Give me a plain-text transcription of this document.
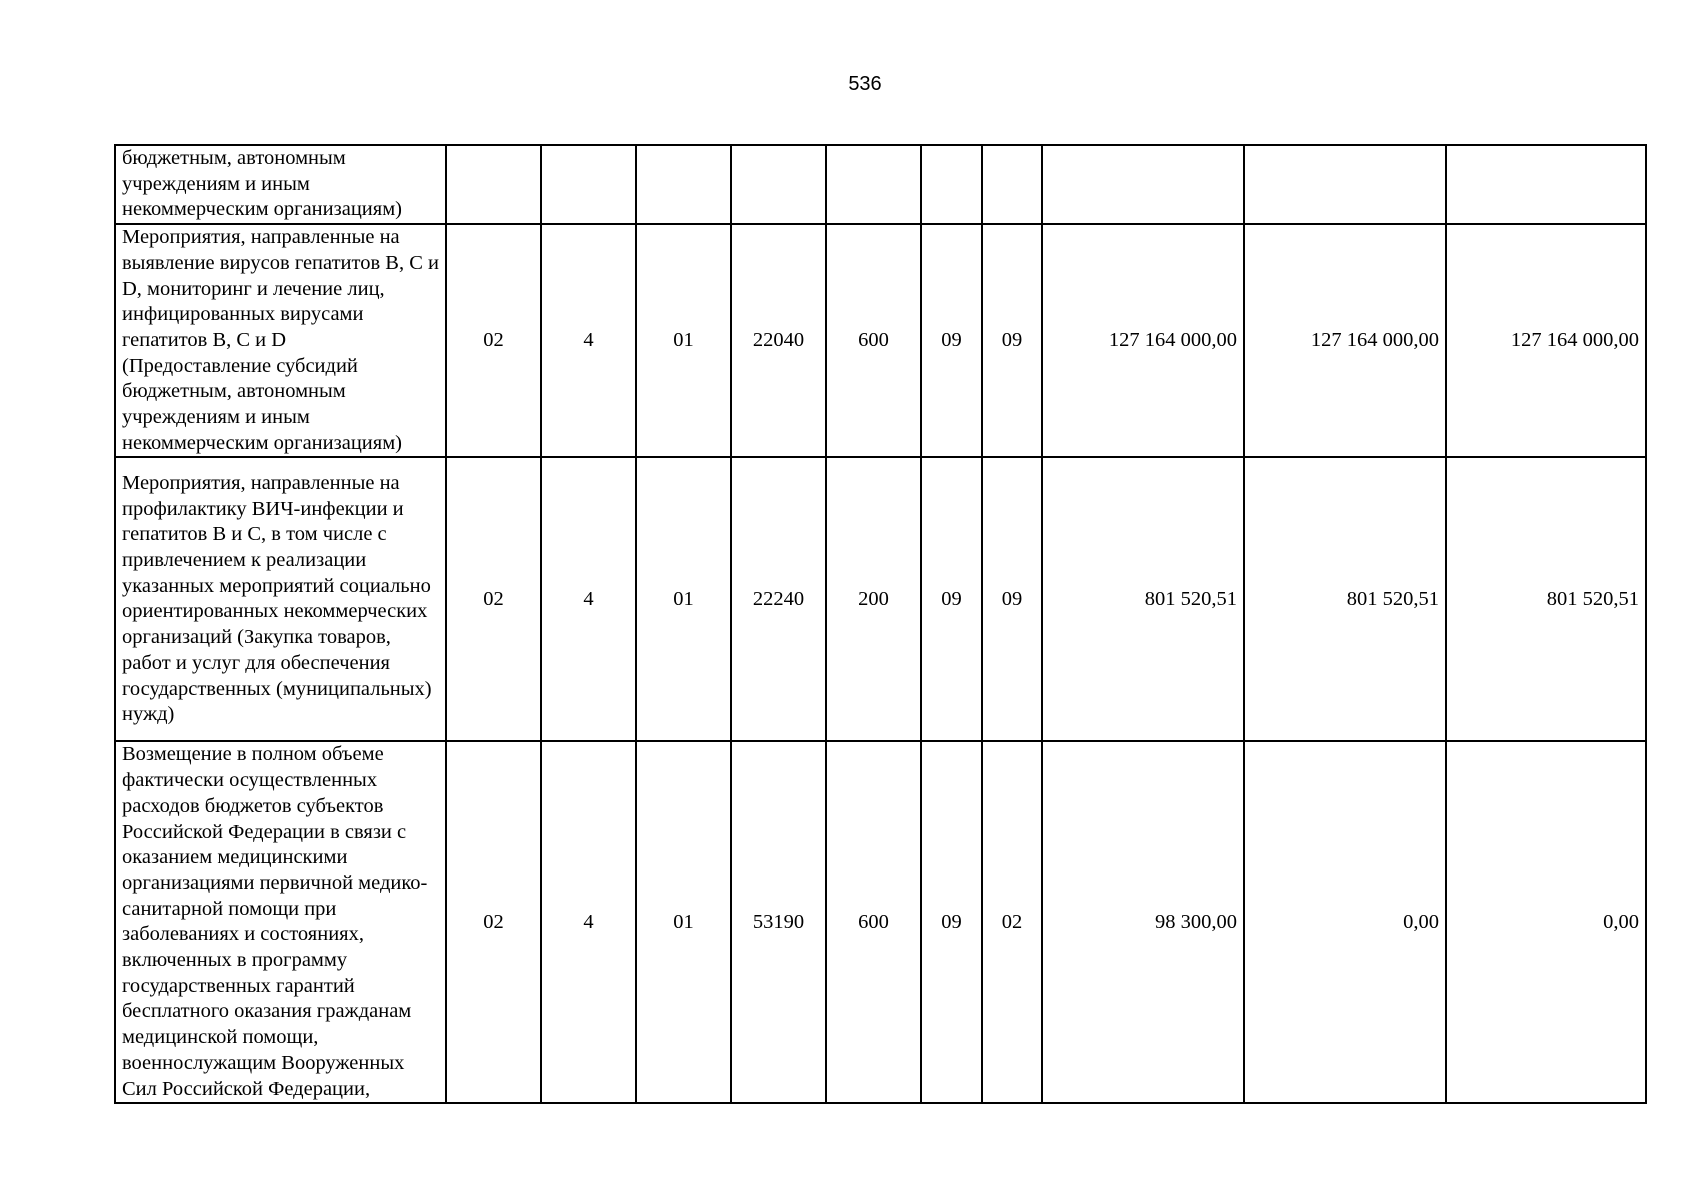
536
бюджетным, автономным учреждениям и иным некоммерческим организациям)										
Мероприятия, направленные на выявление вирусов гепатитов В, С и D, мониторинг и лечение лиц, инфицированных вирусами гепатитов В, С и D (Предоставление субсидий бюджетным, автономным учреждениям и иным некоммерческим организациям)	02	4	01	22040	600	09	09	127 164 000,00	127 164 000,00	127 164 000,00
Мероприятия, направленные на профилактику ВИЧ-инфекции и гепатитов В и С, в том числе с привлечением к реализации указанных мероприятий социально ориентированных некоммерческих организаций (Закупка товаров, работ и услуг для обеспечения государственных (муниципальных) нужд)	02	4	01	22240	200	09	09	801 520,51	801 520,51	801 520,51
Возмещение в полном объеме фактически осуществленных расходов бюджетов субъектов Российской Федерации в связи с оказанием медицинскими организациями первичной медико-санитарной помощи при заболеваниях и состояниях, включенных в программу государственных гарантий бесплатного оказания гражданам медицинской помощи, военнослужащим Вооруженных Сил Российской Федерации,	02	4	01	53190	600	09	02	98 300,00	0,00	0,00
